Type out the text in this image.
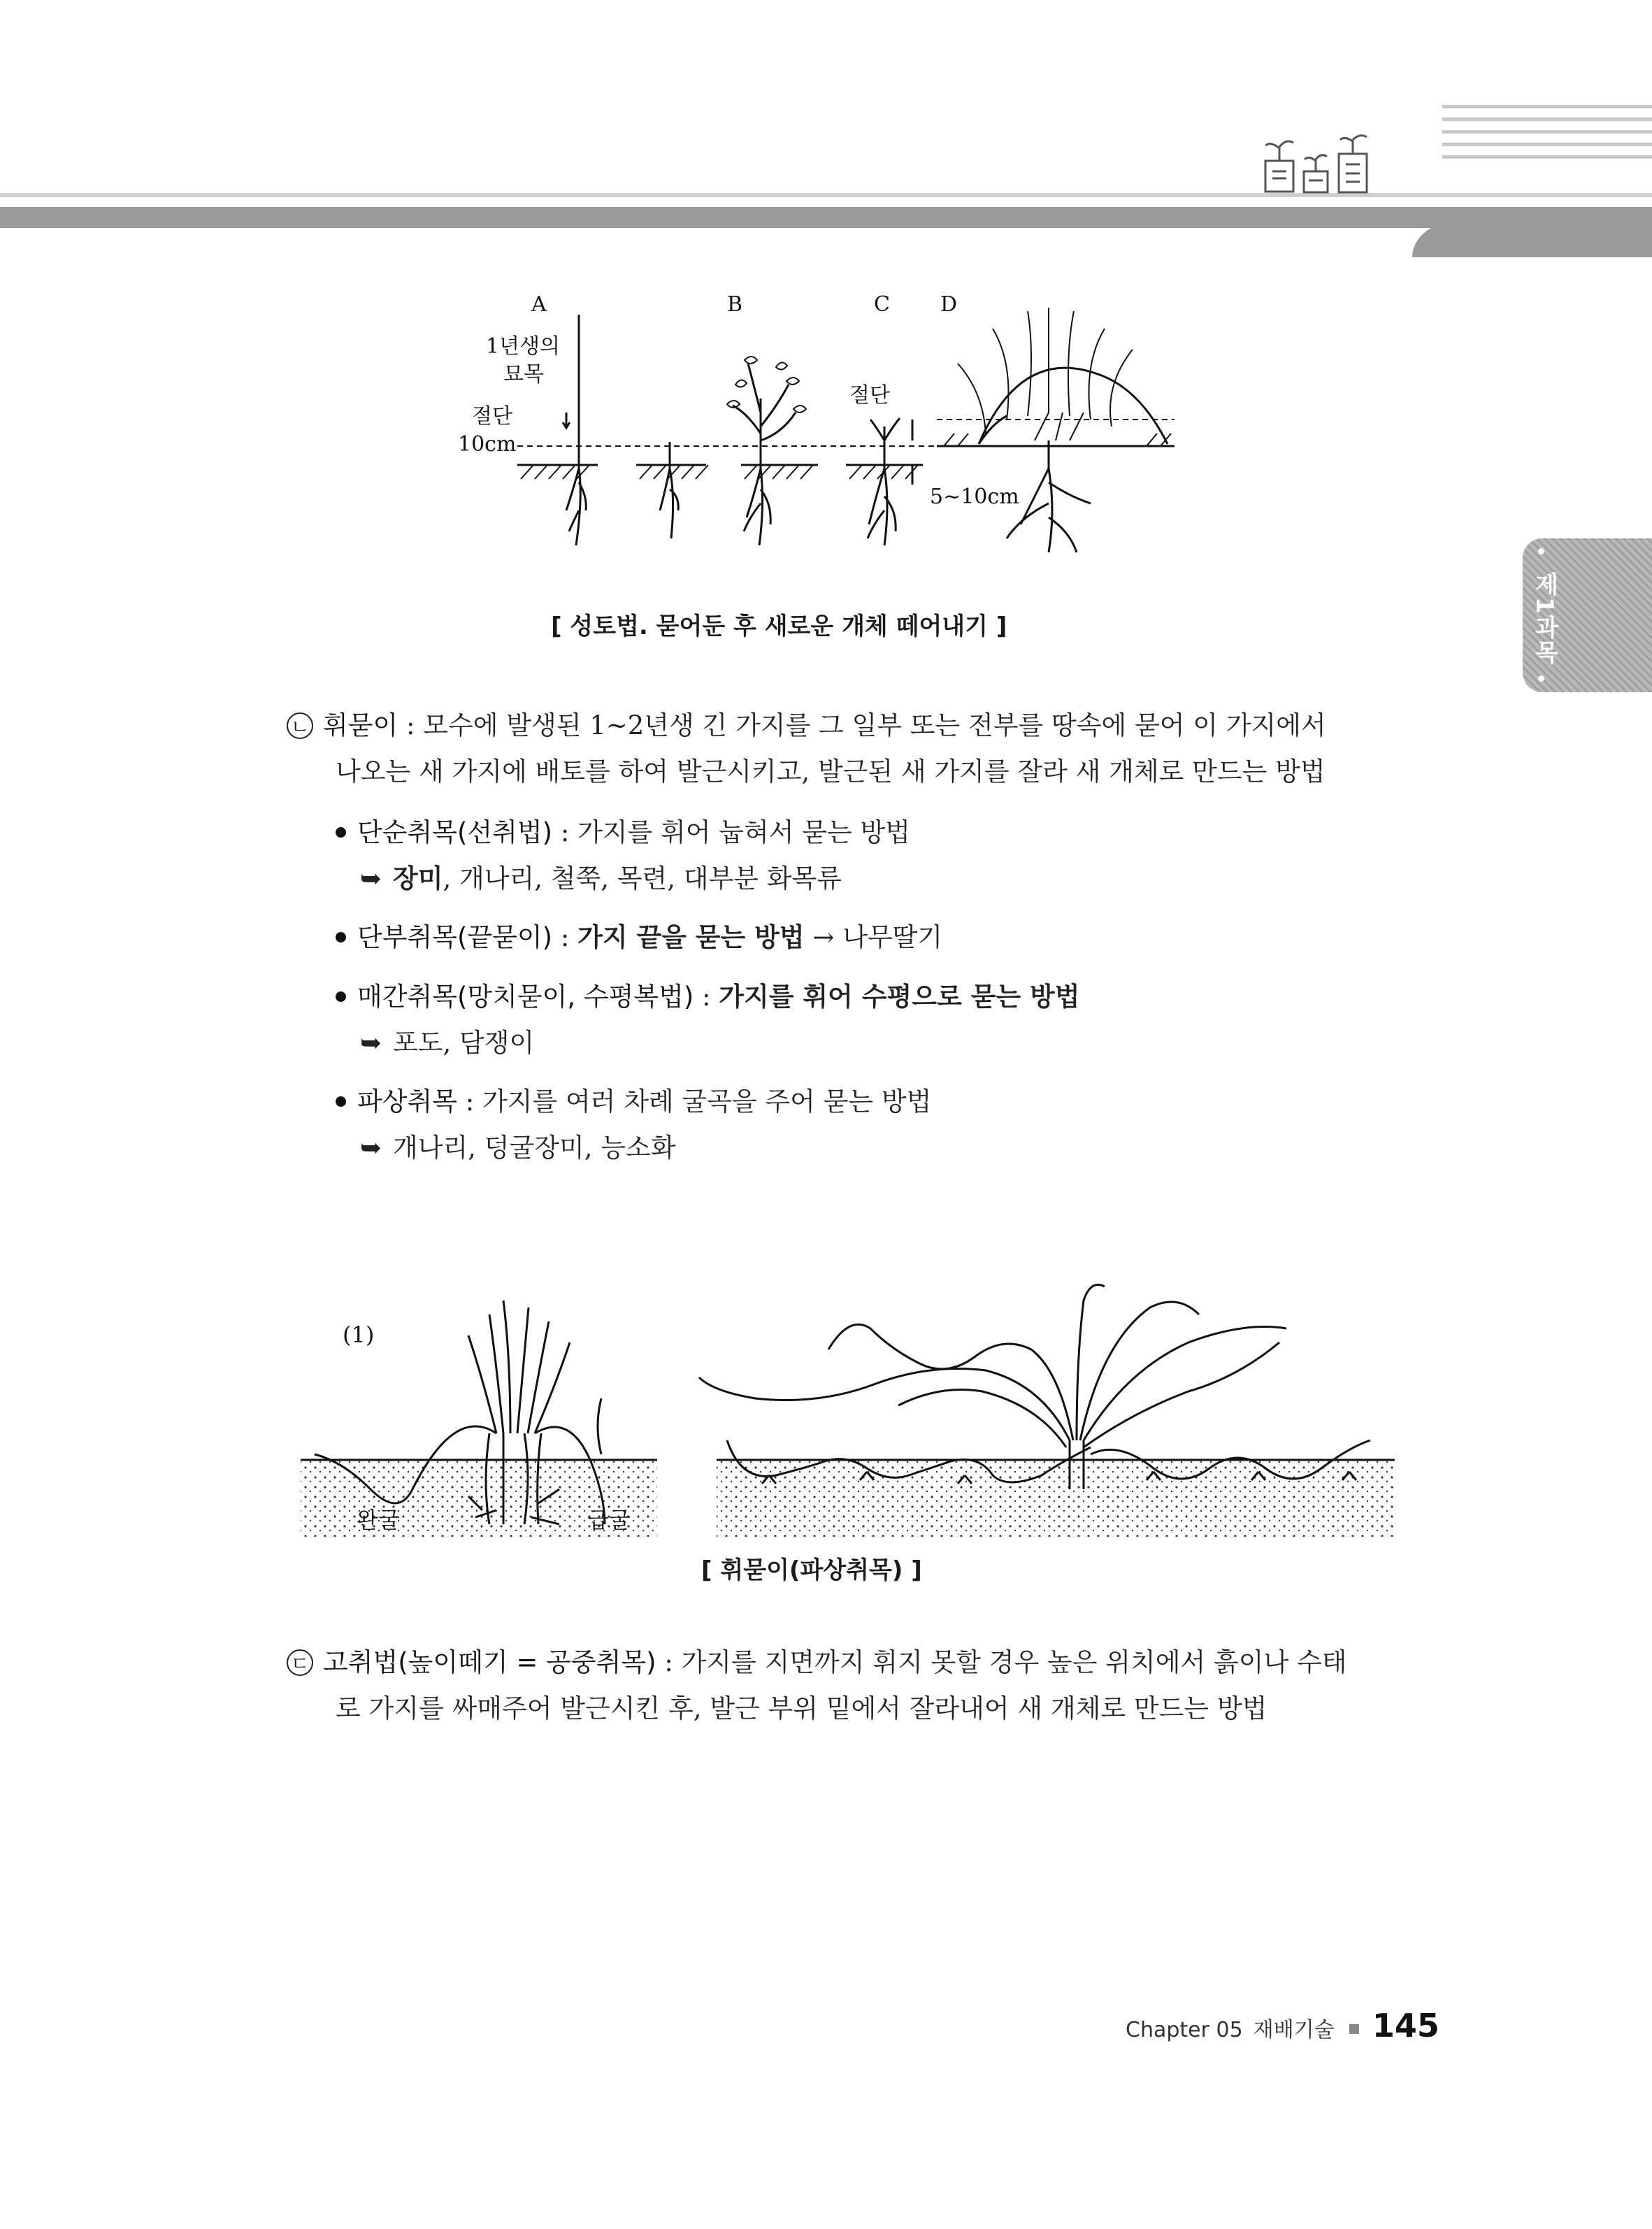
제1과목
A	B	C D
1년생의
묘목
절단
10cm
절단
5~10cm
[ 성토법. 묻어둔 후 새로운 개체 떼어내기 ]
ㄴ 휘묻이 : 모수에 발생된 1~2년생 긴 가지를 그 일부 또는 전부를 땅속에 묻어 이 가지에서
나오는 새 가지에 배토를 하여 발근시키고, 발근된 새 가지를 잘라 새 개체로 만드는 방법
단순취목(선취법) : 가지를 휘어 눕혀서 묻는 방법
➥ 장미, 개나리, 철쭉, 목련, 대부분 화목류
단부취목(끝묻이) : 가지 끝을 묻는 방법 → 나무딸기
매간취목(망치묻이, 수평복법) : 가지를 휘어 수평으로 묻는 방법
➥ 포도, 담쟁이
파상취목 : 가지를 여러 차례 굴곡을 주어 묻는 방법
➥ 개나리, 덩굴장미, 능소화
(1)
완굴	급굴
[ 휘묻이(파상취목) ]
ㄷ 고취법(높이떼기 = 공중취목) : 가지를 지면까지 휘지 못할 경우 높은 위치에서 흙이나 수태
로 가지를 싸매주어 발근시킨 후, 발근 부위 밑에서 잘라내어 새 개체로 만드는 방법
Chapter 05 재배기술 145
